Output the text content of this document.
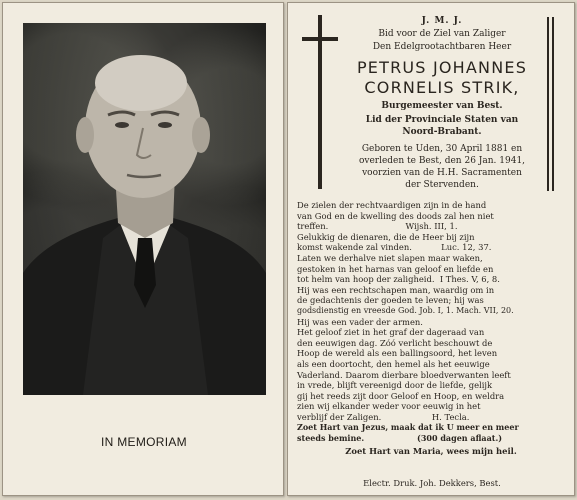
IN MEMORIAM
J. M. J.
Bid voor de Ziel van Zaliger
Den Edelgrootachtbaren Heer
PETRUS JOHANNES
CORNELIS STRIK,
Burgemeester van Best.
Lid der Provinciale Staten van
Noord-Brabant.
Geboren te Uden, 30 April 1881 en
overleden te Best, den 26 Jan. 1941,
voorzien van de H.H. Sacramenten
der Stervenden.
De zielen der rechtvaardigen zijn in de hand
van God en de kwelling des doods zal hen niet
treffen.                             Wijsh. III, 1.
Gelukkig de dienaren, die de Heer bij zijn
komst wakende zal vinden.           Luc. 12, 37.
Laten we derhalve niet slapen maar waken,
gestoken in het harnas van geloof en liefde en
tot helm van hoop der zaligheid.  I Thes. V, 6, 8.
Hij was een rechtschapen man, waardig om in
de gedachtenis der goeden te leven; hij was
godsdienstig en vreesde God. Job. I, 1. Mach. VII, 20.
Hij was een vader der armen.
Het geloof ziet in het graf der dageraad van
den eeuwigen dag. Zóó verlicht beschouwt de
Hoop de wereld als een ballingsoord, het leven
als een doortocht, den hemel als het eeuwige
Vaderland. Daarom dierbare bloedverwanten leeft
in vrede, blijft vereenigd door de liefde, gelijk
gij het reeds zijt door Geloof en Hoop, en weldra
zien wij elkander weder voor eeuwig in het
verblijf der Zaligen.                   H. Tecla.
Zoet Hart van Jezus, maak dat ik U meer en meer
steeds bemine.                   (300 dagen aflaat.)
Zoet Hart van Maria, wees mijn heil.
Electr. Druk. Joh. Dekkers, Best.
